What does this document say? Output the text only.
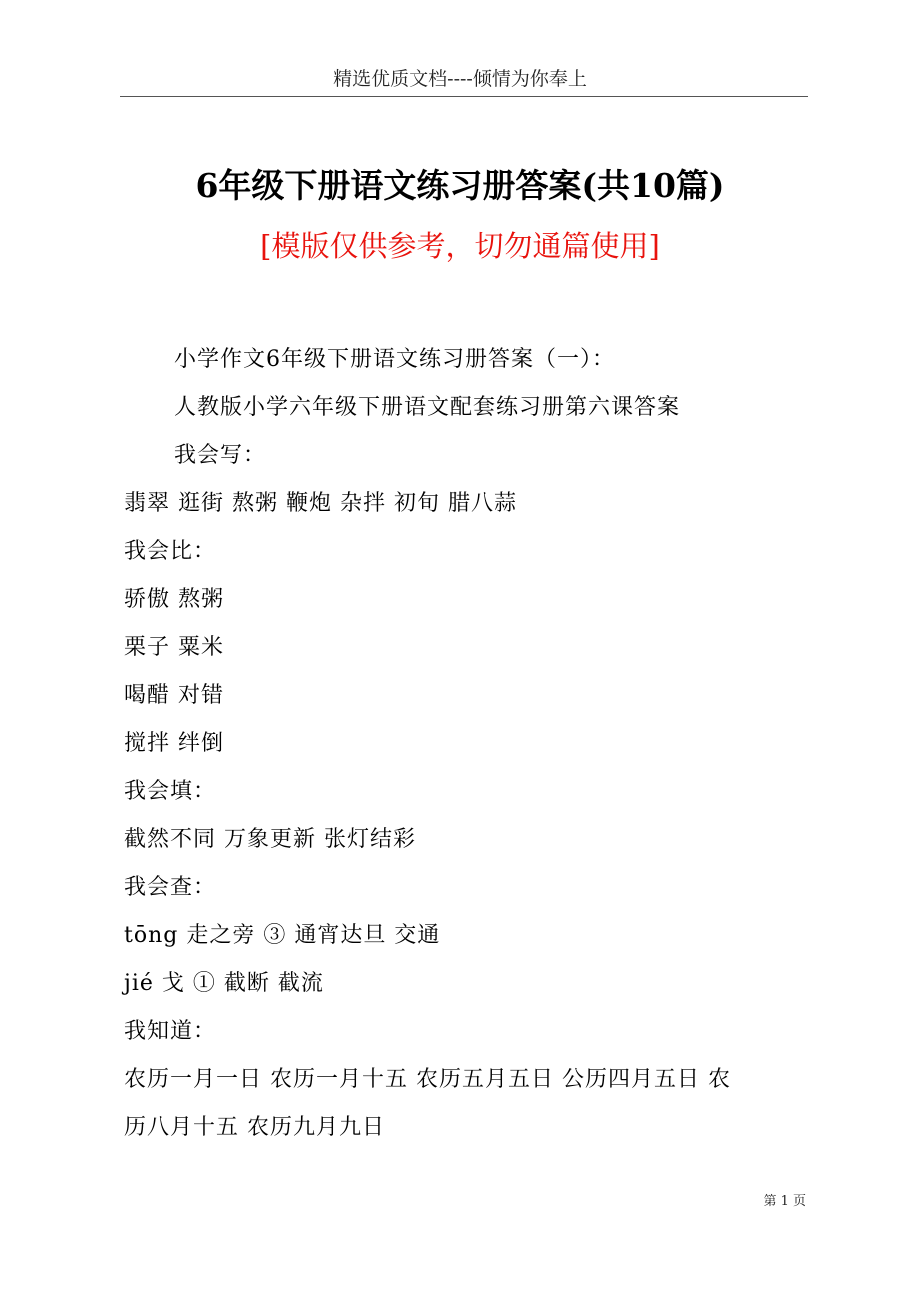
精选优质文档----倾情为你奉上
6年级下册语文练习册答案(共10篇)
[模版仅供参考，切勿通篇使用]
小学作文6年级下册语文练习册答案（一）：
人教版小学六年级下册语文配套练习册第六课答案
我会写：
翡翠 逛街 熬粥 鞭炮 杂拌 初旬 腊八蒜
我会比：
骄傲 熬粥
栗子 粟米
喝醋 对错
搅拌 绊倒
我会填：
截然不同 万象更新 张灯结彩
我会查：
tōng 走之旁 ③ 通宵达旦 交通
jié 戈 ① 截断 截流
我知道：
农历一月一日 农历一月十五 农历五月五日 公历四月五日 农
历八月十五 农历九月九日
第 1 页
